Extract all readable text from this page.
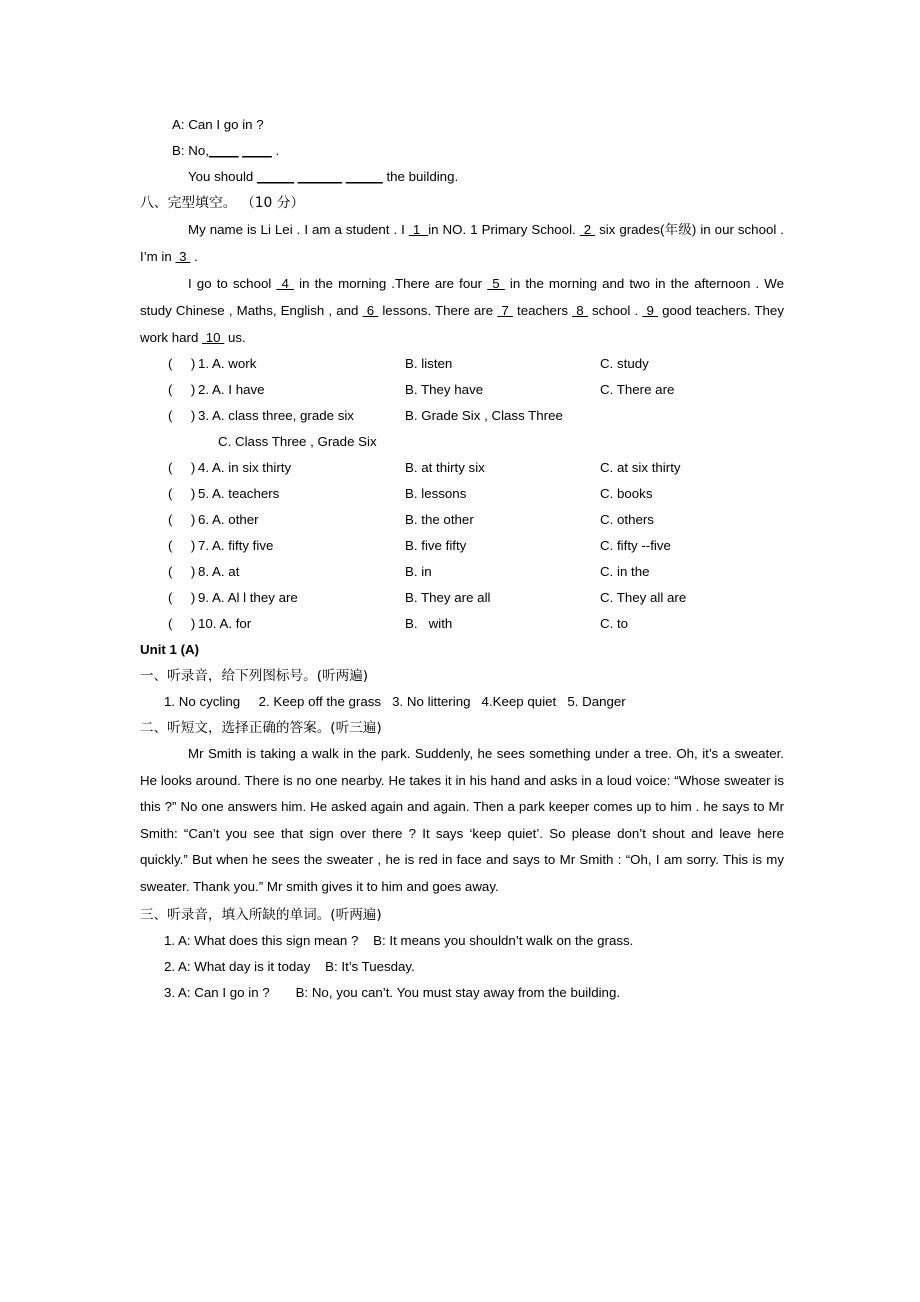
A: Can I go in ?
B: No,____ ____ .
You should _____ ______ _____ the building.
八、完型填空。 （10 分）
My name is Li Lei . I am a student . I  1  in NO. 1 Primary School.  2  six grades(年级) in our school . I’m in  3  .
I go to school  4  in the morning .There are four  5  in the morning and two in the afternoon . We study Chinese , Maths, English , and  6  lessons. There are  7  teachers  8  school .  9  good teachers. They work hard  10  us.
(     ) 1. A. work	B. listen	C. study
(     ) 2. A. I have	B. They have	C. There are
(     ) 3. A. class three, grade six	B. Grade Six , Class Three
C. Class Three , Grade Six
(     ) 4. A. in six thirty	B. at thirty six	C. at six thirty
(     ) 5. A. teachers	B. lessons	C. books
(     ) 6. A. other	B. the other	C. others
(     ) 7. A. fifty five	B. five fifty	C. fifty --five
(     ) 8. A. at	B. in	C. in the
(     ) 9. A. Al l they are	B. They are all	C. They all are
(     ) 10. A. for	B.   with	C. to
Unit 1 (A)
一、听录音，给下列图标号。(听两遍)
1. No cycling     2. Keep off the grass   3. No littering   4.Keep quiet   5. Danger
二、听短文，选择正确的答案。(听三遍)
Mr Smith is taking a walk in the park. Suddenly, he sees something under a tree. Oh, it’s a sweater. He looks around. There is no one nearby. He takes it in his hand and asks in a loud voice: “Whose sweater is this ?” No one answers him. He asked again and again. Then a park keeper comes up to him . he says to Mr Smith: “Can’t you see that sign over there ? It says ‘keep quiet’. So please don’t shout and leave here quickly.” But when he sees the sweater , he is red in face and says to Mr Smith : “Oh, I am sorry. This is my sweater. Thank you.” Mr smith gives it to him and goes away.
三、听录音，填入所缺的单词。(听两遍)
1. A: What does this sign mean ?    B: It means you shouldn’t walk on the grass.
2. A: What day is it today    B: It’s Tuesday.
3. A: Can I go in ?       B: No, you can’t. You must stay away from the building.
